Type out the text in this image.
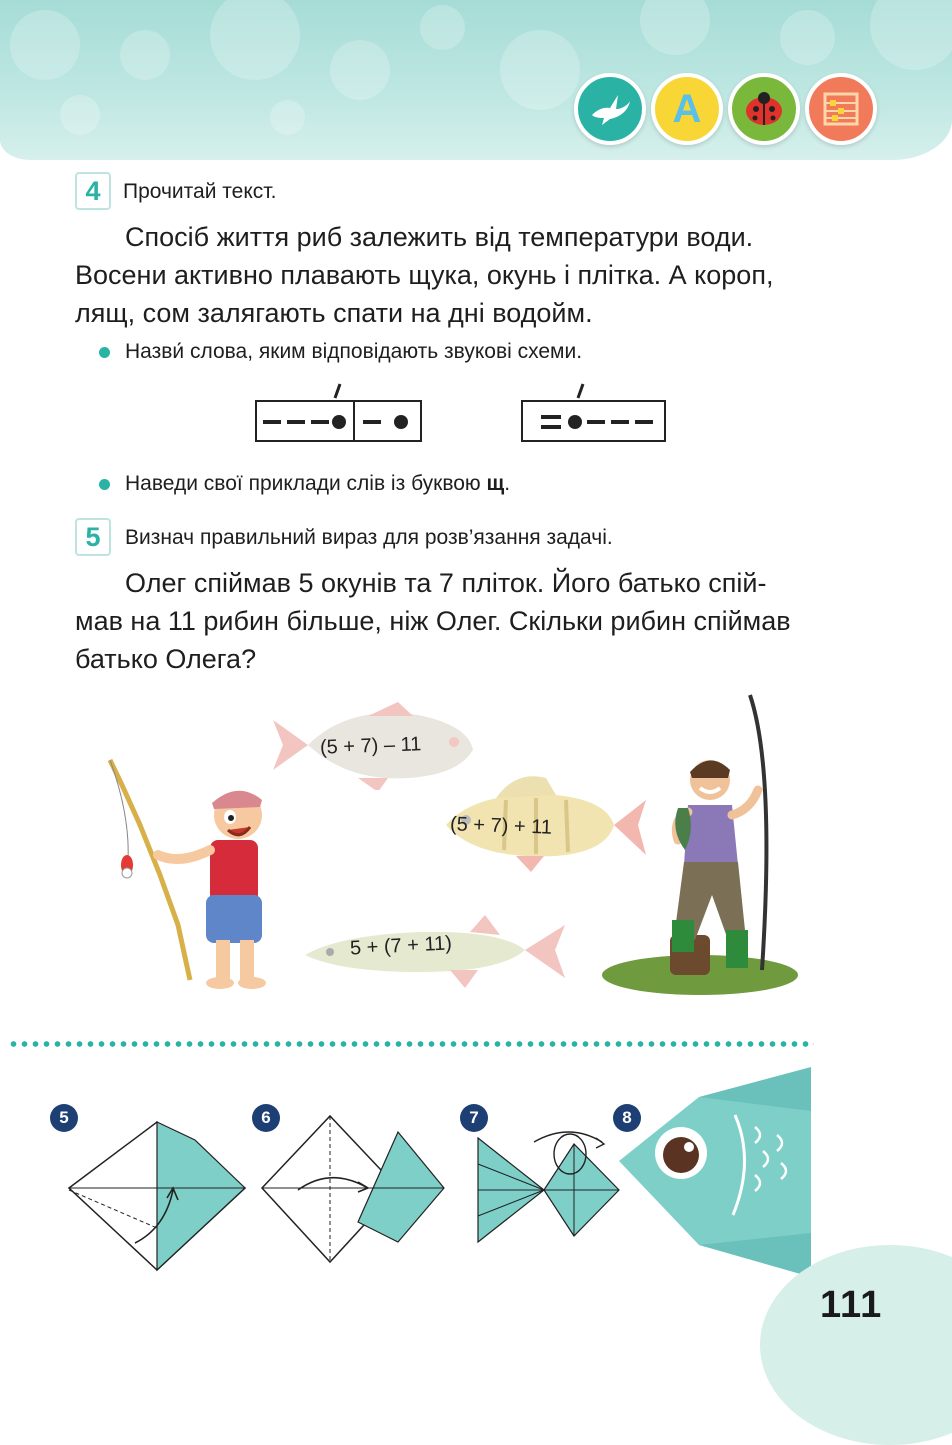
A
4	Прочитай текст.
Спосіб життя риб залежить від температури води.
Восени активно плавають щука, окунь і плітка. А короп,
лящ, сом залягають спати на дні водойм.
Назви́ слова, яким відповідають звукові схеми.
Наведи свої приклади слів із буквою щ.
5	Визнач правильний вираз для розв’язання задачі.
Олег спіймав 5 окунів та 7 пліток. Його батько спій-
мав на 11 рибин більше, ніж Олег. Скільки рибин спіймав
батько Олега?
(5 + 7) – 11
(5 + 7) + 11
5 + (7 + 11)
5	6	7	8
111
